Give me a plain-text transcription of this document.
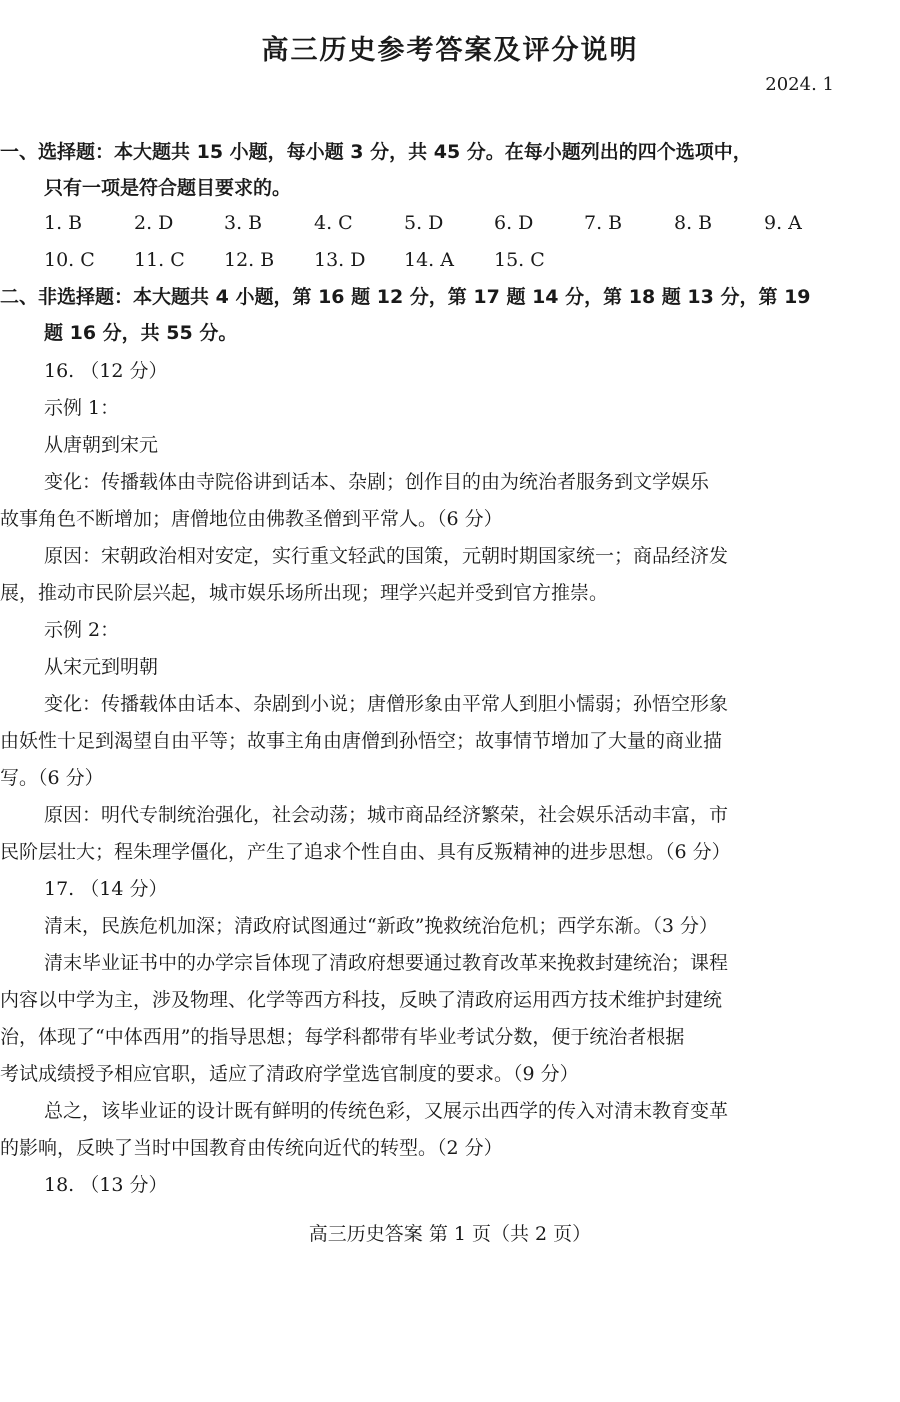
高三历史参考答案及评分说明
2024. 1
一、选择题：本大题共 15 小题，每小题 3 分，共 45 分。在每小题列出的四个选项中，
只有一项是符合题目要求的。
1. B	2. D	3. B	4. C	5. D	6. D	7. B	8. B	9. A
10. C 11. C 12. B 13. D 14. A 15. C
二、非选择题：本大题共 4 小题，第 16 题 12 分，第 17 题 14 分，第 18 题 13 分，第 19
题 16 分，共 55 分。
16. （12 分）
示例 1：
从唐朝到宋元
变化：传播载体由寺院俗讲到话本、杂剧；创作目的由为统治者服务到文学娱乐
故事角色不断增加；唐僧地位由佛教圣僧到平常人。（6 分）
原因：宋朝政治相对安定，实行重文轻武的国策，元朝时期国家统一；商品经济发
展，推动市民阶层兴起，城市娱乐场所出现；理学兴起并受到官方推崇。
示例 2：
从宋元到明朝
变化：传播载体由话本、杂剧到小说；唐僧形象由平常人到胆小懦弱；孙悟空形象
由妖性十足到渴望自由平等；故事主角由唐僧到孙悟空；故事情节增加了大量的商业描
写。（6 分）
原因：明代专制统治强化，社会动荡；城市商品经济繁荣，社会娱乐活动丰富，市
民阶层壮大；程朱理学僵化，产生了追求个性自由、具有反叛精神的进步思想。（6 分）
17. （14 分）
清末，民族危机加深；清政府试图通过“新政”挽救统治危机；西学东渐。（3 分）
清末毕业证书中的办学宗旨体现了清政府想要通过教育改革来挽救封建统治；课程
内容以中学为主，涉及物理、化学等西方科技，反映了清政府运用西方技术维护封建统
治，体现了“中体西用”的指导思想；每学科都带有毕业考试分数，便于统治者根据
考试成绩授予相应官职，适应了清政府学堂选官制度的要求。（9 分）
总之，该毕业证的设计既有鲜明的传统色彩，又展示出西学的传入对清末教育变革
的影响，反映了当时中国教育由传统向近代的转型。（2 分）
18. （13 分）
高三历史答案 第 1 页（共 2 页）
